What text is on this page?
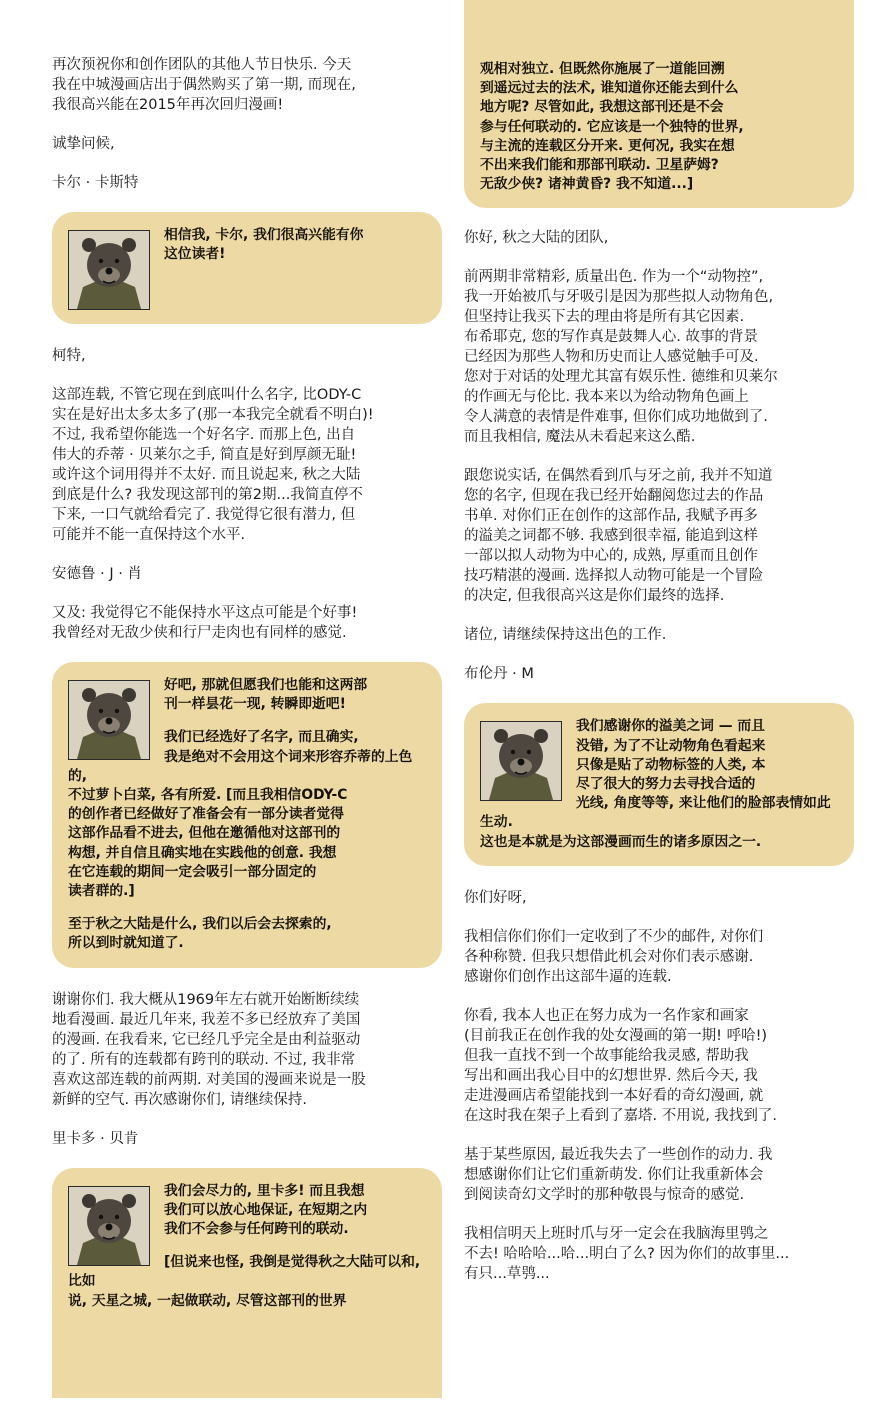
再次预祝你和创作团队的其他人节日快乐. 今天
我在中城漫画店出于偶然购买了第一期, 而现在,
我很高兴能在2015年再次回归漫画!

诚挚问候,

卡尔 · 卡斯特

相信我, 卡尔, 我们很高兴能有你
这位读者!

柯特,

这部连载, 不管它现在到底叫什么名字, 比ODY-C
实在是好出太多太多了(那一本我完全就看不明白)!
不过, 我希望你能选一个好名字. 而那上色, 出自
伟大的乔蒂 · 贝莱尔之手, 简直是好到厚颜无耻!
或许这个词用得并不太好. 而且说起来, 秋之大陆
到底是什么? 我发现这部刊的第2期...我简直停不
下来, 一口气就给看完了. 我觉得它很有潜力, 但
可能并不能一直保持这个水平.

安德鲁 · J · 肖

又及: 我觉得它不能保持水平这点可能是个好事!
我曾经对无敌少侠和行尸走肉也有同样的感觉.

好吧, 那就但愿我们也能和这两部
刊一样昙花一现, 转瞬即逝吧!

我们已经选好了名字, 而且确实,
我是绝对不会用这个词来形容乔蒂的上色的,
不过萝卜白菜, 各有所爱. [而且我相信ODY-C
的创作者已经做好了准备会有一部分读者觉得
这部作品看不进去, 但他在邀循他对这部刊的
构想, 并自信且确实地在实践他的创意. 我想
在它连载的期间一定会吸引一部分固定的
读者群的.]

至于秋之大陆是什么, 我们以后会去探索的,
所以到时就知道了.

谢谢你们. 我大概从1969年左右就开始断断续续
地看漫画. 最近几年来, 我差不多已经放弃了美国
的漫画. 在我看来, 它已经几乎完全是由利益驱动
的了. 所有的连载都有跨刊的联动. 不过, 我非常
喜欢这部连载的前两期. 对美国的漫画来说是一股
新鲜的空气. 再次感谢你们, 请继续保持.

里卡多 · 贝肯

我们会尽力的, 里卡多! 而且我想
我们可以放心地保证, 在短期之内
我们不会参与任何跨刊的联动.

[但说来也怪, 我倒是觉得秋之大陆可以和, 比如
说, 天星之城, 一起做联动, 尽管这部刊的世界

观相对独立. 但既然你施展了一道能回溯
到遥远过去的法术, 谁知道你还能去到什么
地方呢? 尽管如此, 我想这部刊还是不会
参与任何联动的. 它应该是一个独特的世界,
与主流的连载区分开来. 更何况, 我实在想
不出来我们能和那部刊联动. 卫星萨姆?
无敌少侠? 诸神黄昏? 我不知道...]

你好, 秋之大陆的团队,

前两期非常精彩, 质量出色. 作为一个“动物控”,
我一开始被爪与牙吸引是因为那些拟人动物角色,
但坚持让我买下去的理由将是所有其它因素.
布希耶克, 您的写作真是鼓舞人心. 故事的背景
已经因为那些人物和历史而让人感觉触手可及.
您对于对话的处理尤其富有娱乐性. 德维和贝莱尔
的作画无与伦比. 我本来以为给动物角色画上
令人满意的表情是件难事, 但你们成功地做到了.
而且我相信, 魔法从未看起来这么酷.

跟您说实话, 在偶然看到爪与牙之前, 我并不知道
您的名字, 但现在我已经开始翻阅您过去的作品
书单. 对你们正在创作的这部作品, 我赋予再多
的溢美之词都不够. 我感到很幸福, 能追到这样
一部以拟人动物为中心的, 成熟, 厚重而且创作
技巧精湛的漫画. 选择拟人动物可能是一个冒险
的决定, 但我很高兴这是你们最终的选择.

诸位, 请继续保持这出色的工作.

布伦丹 · M

我们感谢你的溢美之词 — 而且
没错, 为了不让动物角色看起来
只像是贴了动物标签的人类, 本
尽了很大的努力去寻找合适的
光线, 角度等等, 来让他们的脸部表情如此生动.
这也是本就是为这部漫画而生的诸多原因之一.

你们好呀,

我相信你们你们一定收到了不少的邮件, 对你们
各种称赞. 但我只想借此机会对你们表示感谢.
感谢你们创作出这部牛逼的连载.

你看, 我本人也正在努力成为一名作家和画家
(目前我正在创作我的处女漫画的第一期! 呼哈!)
但我一直找不到一个故事能给我灵感, 帮助我
写出和画出我心目中的幻想世界. 然后今天, 我
走进漫画店希望能找到一本好看的奇幻漫画, 就
在这时我在架子上看到了嘉塔. 不用说, 我找到了.

基于某些原因, 最近我失去了一些创作的动力. 我
想感谢你们让它们重新萌发. 你们让我重新体会
到阅读奇幻文学时的那种敬畏与惊奇的感觉.

我相信明天上班时爪与牙一定会在我脑海里鸮之
不去! 哈哈哈...哈...明白了么? 因为你们的故事里...
有只...草鸮...
